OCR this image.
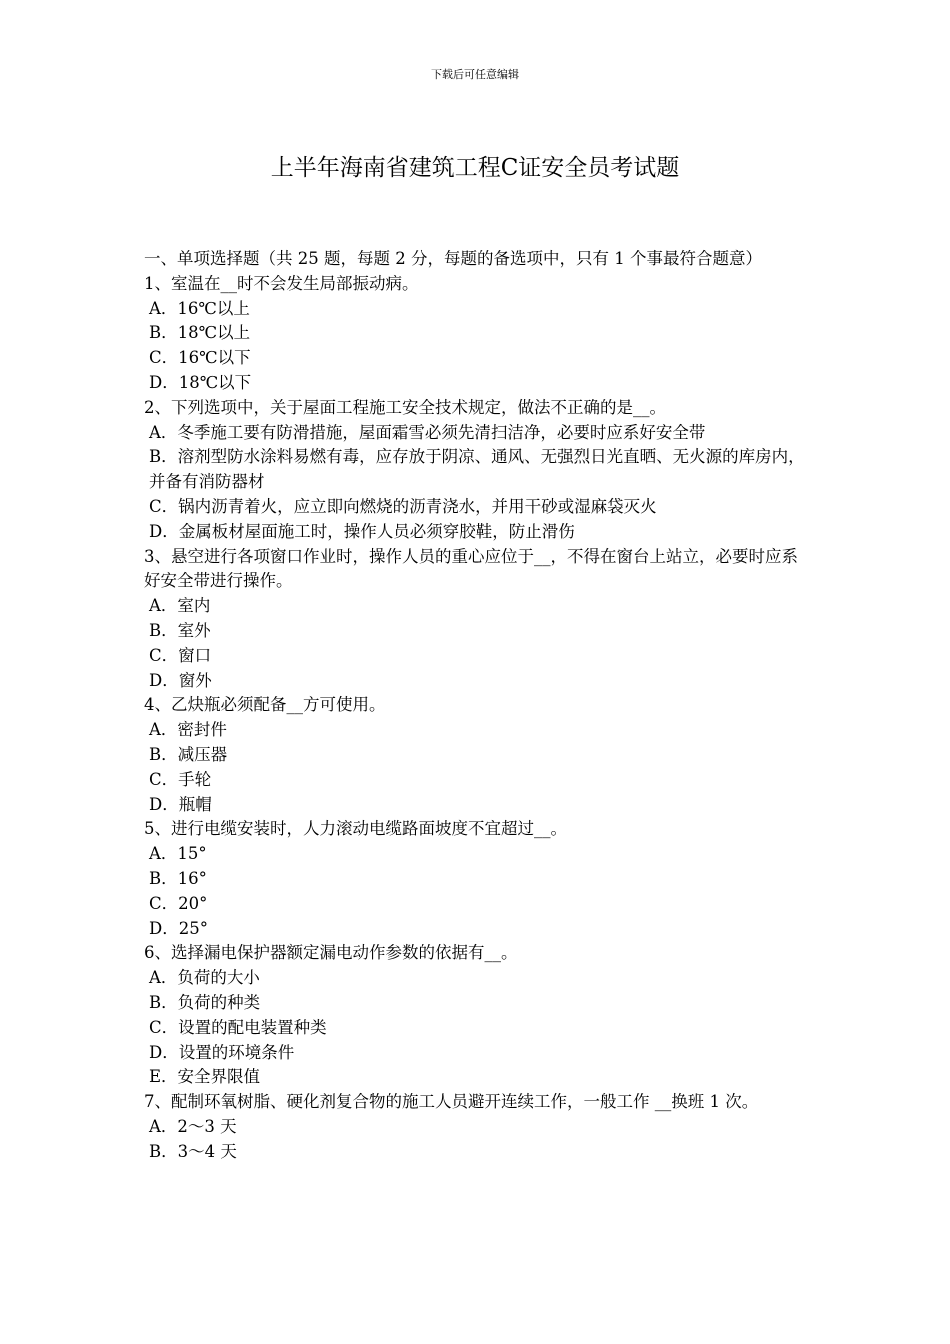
下载后可任意编辑
上半年海南省建筑工程C证安全员考试题
一、单项选择题（共 25 题，每题 2 分，每题的备选项中，只有 1 个事最符合题意）
1、室温在__时不会发生局部振动病。
A．16℃以上
B．18℃以上
C．16℃以下
D．18℃以下
2、下列选项中，关于屋面工程施工安全技术规定，做法不正确的是__。
A．冬季施工要有防滑措施，屋面霜雪必须先清扫洁净，必要时应系好安全带
B．溶剂型防水涂料易燃有毒，应存放于阴凉、通风、无强烈日光直晒、无火源的库房内，并备有消防器材
C．锅内沥青着火，应立即向燃烧的沥青浇水，并用干砂或湿麻袋灭火
D．金属板材屋面施工时，操作人员必须穿胶鞋，防止滑伤
3、悬空进行各项窗口作业时，操作人员的重心应位于__，不得在窗台上站立，必要时应系好安全带进行操作。
A．室内
B．室外
C．窗口
D．窗外
4、乙炔瓶必须配备__方可使用。
A．密封件
B．减压器
C．手轮
D．瓶帽
5、进行电缆安装时，人力滚动电缆路面坡度不宜超过__。
A．15°
B．16°
C．20°
D．25°
6、选择漏电保护器额定漏电动作参数的依据有__。
A．负荷的大小
B．负荷的种类
C．设置的配电装置种类
D．设置的环境条件
E．安全界限值
7、配制环氧树脂、硬化剂复合物的施工人员避开连续工作，一般工作 __换班 1 次。
A．2～3 天
B．3～4 天
